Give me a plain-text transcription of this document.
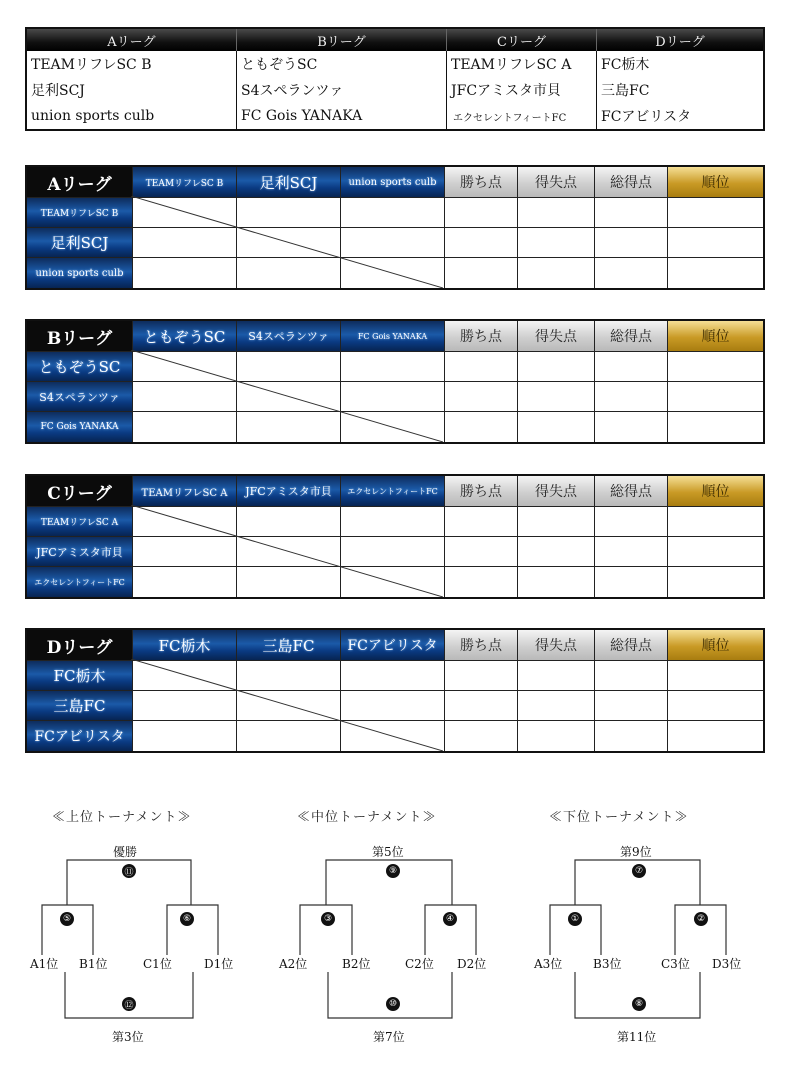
Aリーグ	Bリーグ	Cリーグ	Dリーグ
TEAMリフレSC B	ともぞうSC	TEAMリフレSC A	FC栃木
足利SCJ	S4スペランツァ	JFCアミスタ市貝	三島FC
union sports culb	FC Gois YANAKA	エクセレントフィートFC	FCアビリスタ
Aリーグ	TEAMリフレSC B	足利SCJ	union sports culb	勝ち点	得失点	総得点	順位
TEAMリフレSC B
足利SCJ
union sports culb
Bリーグ	ともぞうSC	S4スペランツァ	FC Gois YANAKA	勝ち点	得失点	総得点	順位
ともぞうSC
S4スペランツァ
FC Gois YANAKA
Cリーグ	TEAMリフレSC A	JFCアミスタ市貝	エクセレントフィートFC	勝ち点	得失点	総得点	順位
TEAMリフレSC A
JFCアミスタ市貝
エクセレントフィートFC
Dリーグ	FC栃木	三島FC	FCアビリスタ	勝ち点	得失点	総得点	順位
FC栃木
三島FC
FCアビリスタ
≪上位トーナメント≫
優勝
⑪
⑤	⑥
A1位 B1位	C1位	D1位
⑫
第3位
≪中位トーナメント≫
第5位
⑨
③	④
A2位	B2位	C2位 D2位
⑩
第7位
≪下位トーナメント≫
第9位
⑦
①	②
A3位	B3位	C3位 D3位
⑧
第11位
